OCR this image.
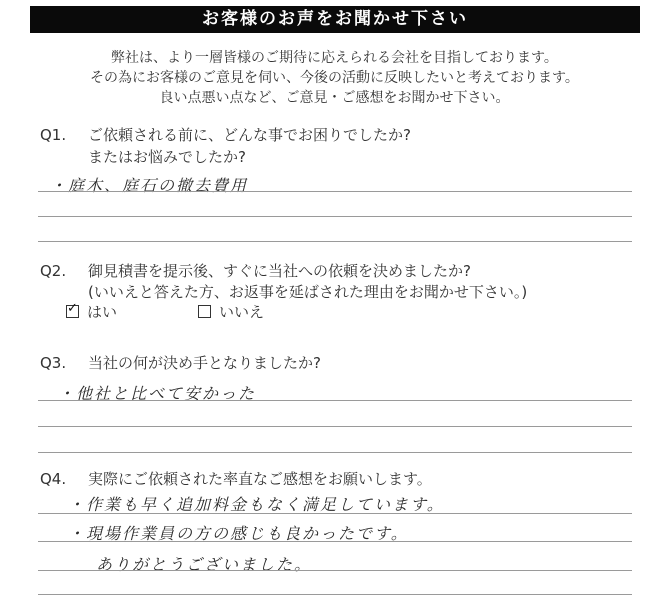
お客様のお声をお聞かせ下さい
弊社は、より一層皆様のご期待に応えられる会社を目指しております。
その為にお客様のご意見を伺い、今後の活動に反映したいと考えております。
良い点悪い点など、ご意見・ご感想をお聞かせ下さい。
Q1. ご依頼される前に、どんな事でお困りでしたか?
またはお悩みでしたか?
・庭木、庭石の撤去費用
Q2. 御見積書を提示後、すぐに当社への依頼を決めましたか?
(いいえと答えた方、お返事を延ばされた理由をお聞かせ下さい。)
✓ はい	いいえ
Q3. 当社の何が決め手となりましたか?
・他社と比べて安かった
Q4. 実際にご依頼された率直なご感想をお願いします。
・作業も早く追加料金もなく満足しています。
・現場作業員の方の感じも良かったです。
ありがとうございました。
